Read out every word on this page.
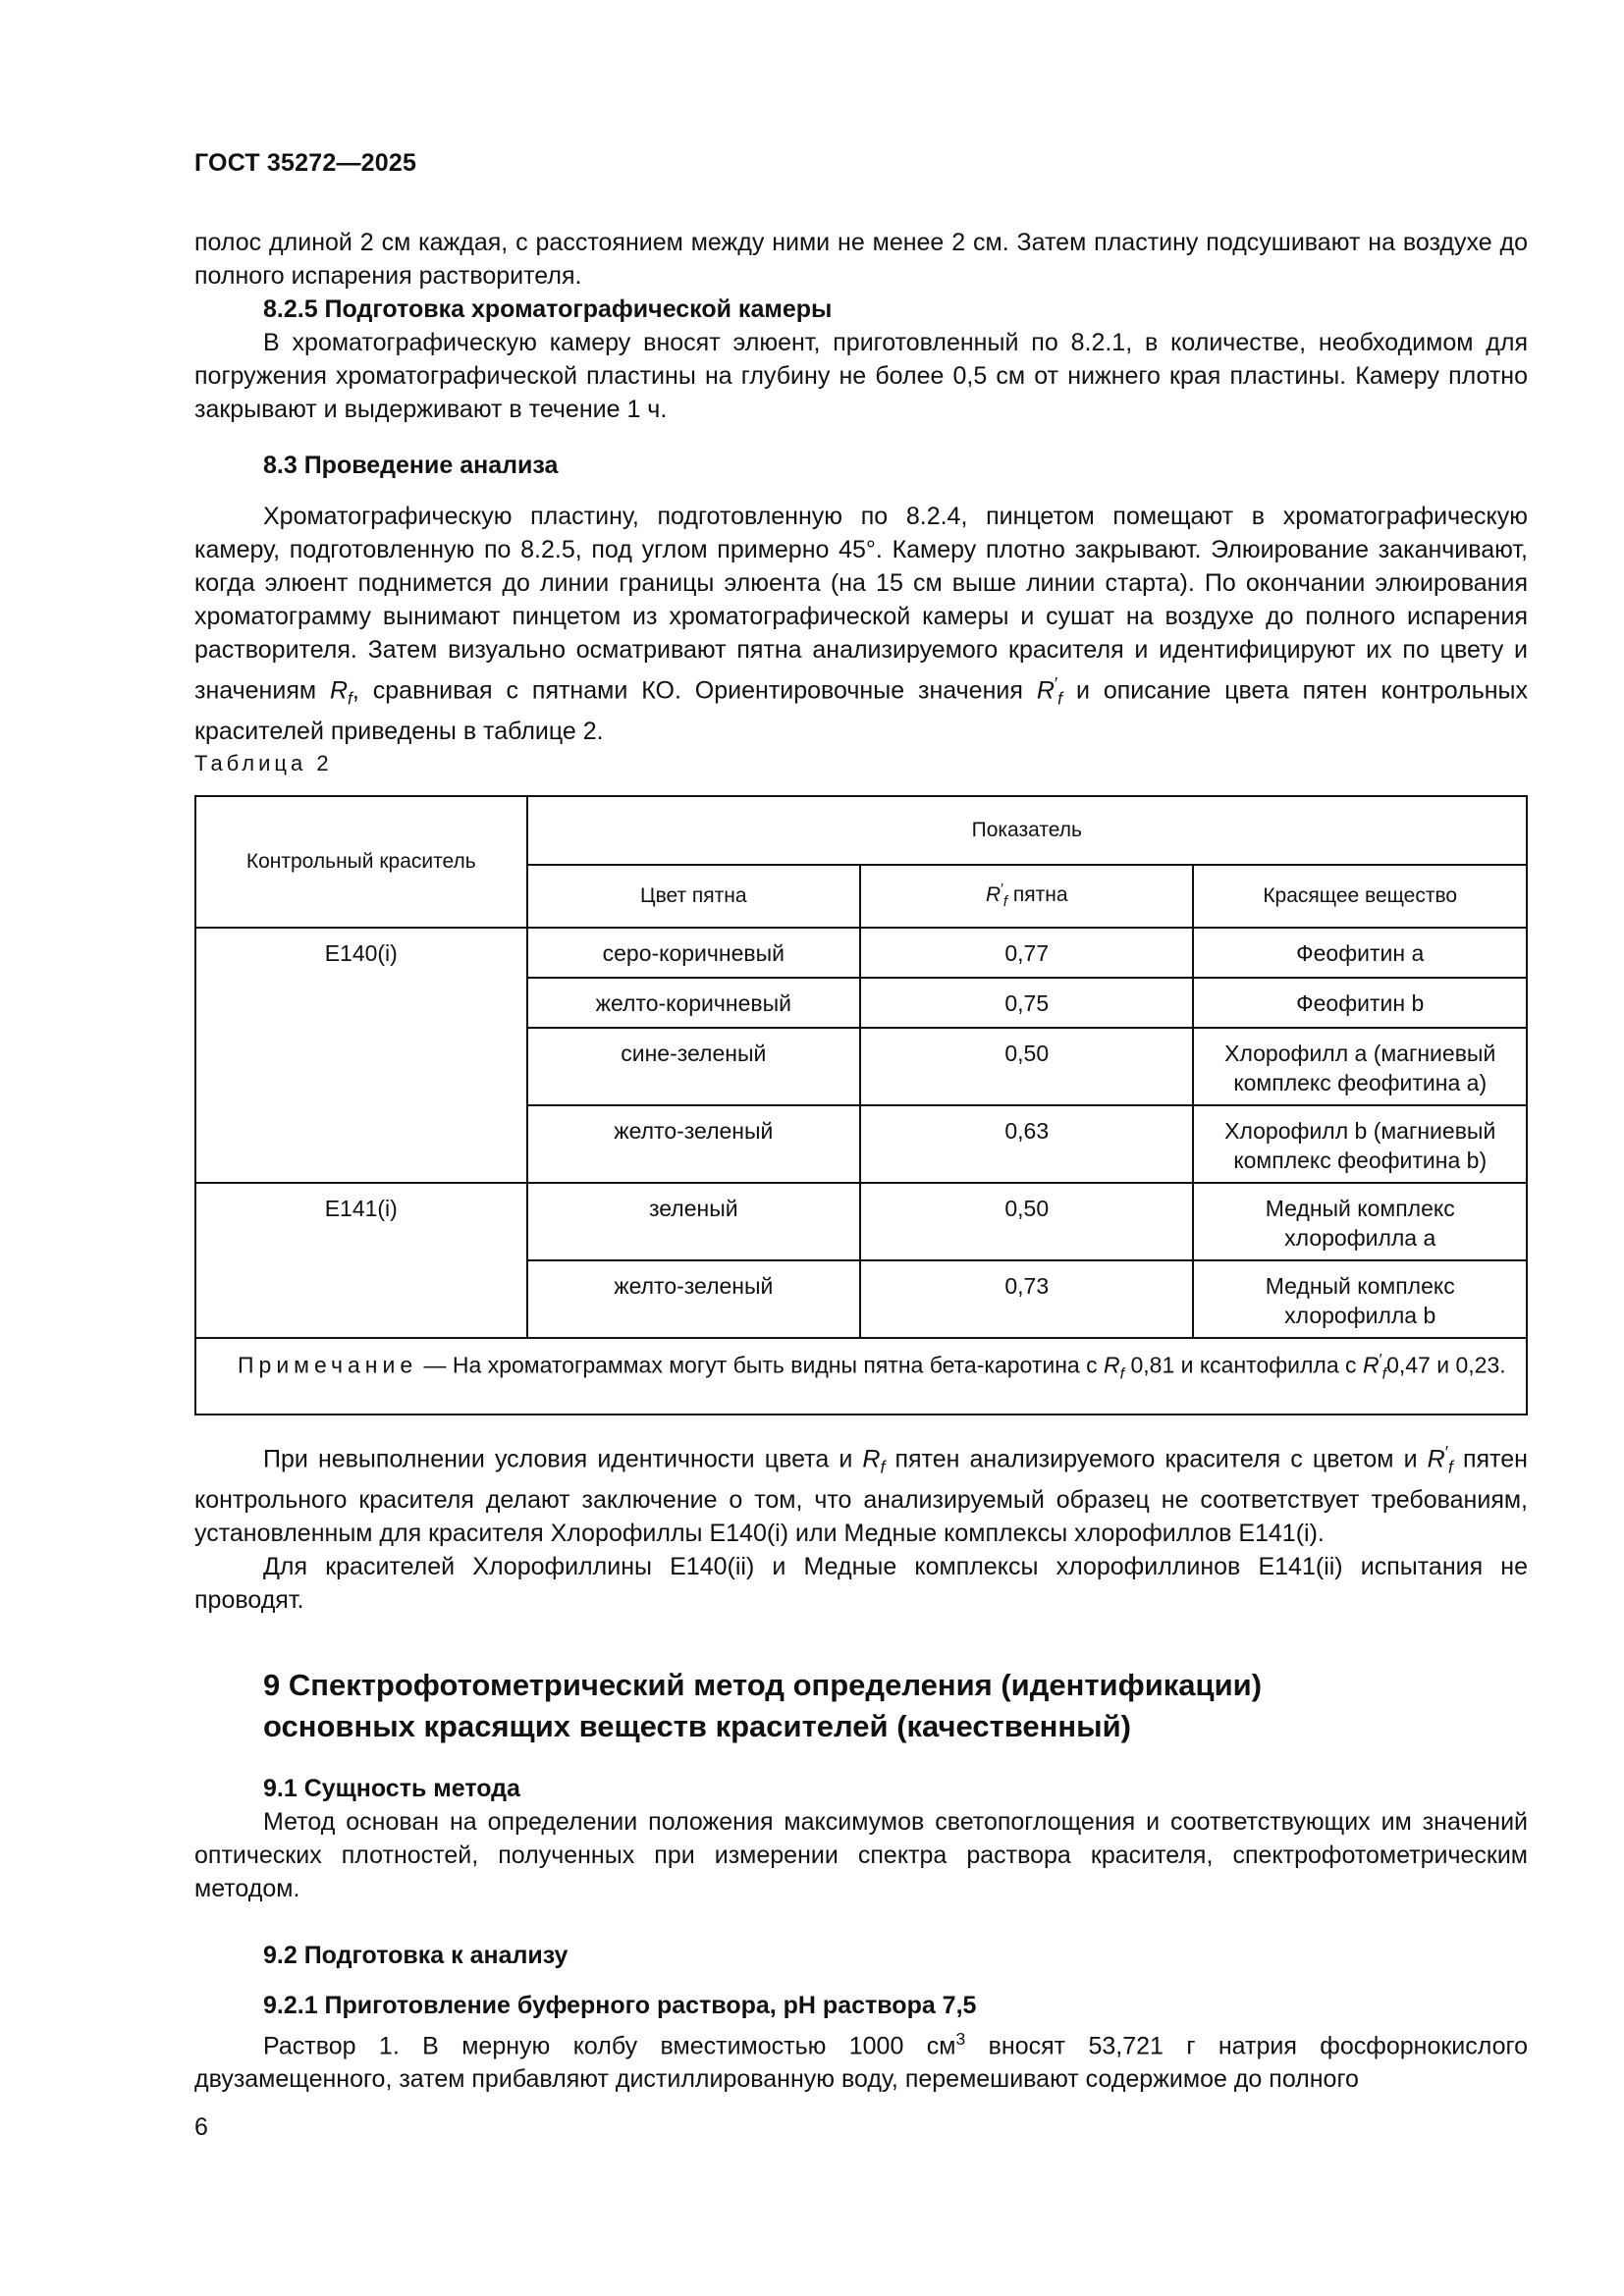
ГОСТ 35272—2025

полос длиной 2 см каждая, с расстоянием между ними не менее 2 см. Затем пластину подсушивают на воздухе до полного испарения растворителя.

8.2.5 Подготовка хроматографической камеры

В хроматографическую камеру вносят элюент, приготовленный по 8.2.1, в количестве, необходимом для погружения хроматографической пластины на глубину не более 0,5 см от нижнего края пластины. Камеру плотно закрывают и выдерживают в течение 1 ч.

8.3 Проведение анализа

Хроматографическую пластину, подготовленную по 8.2.4, пинцетом помещают в хроматографическую камеру, подготовленную по 8.2.5, под углом примерно 45°. Камеру плотно закрывают. Элюирование заканчивают, когда элюент поднимется до линии границы элюента (на 15 см выше линии старта). По окончании элюирования хроматограмму вынимают пинцетом из хроматографической камеры и сушат на воздухе до полного испарения растворителя. Затем визуально осматривают пятна анализируемого красителя и идентифицируют их по цвету и значениям $R_f$, сравнивая с пятнами КО. Ориентировочные значения $R'_f$ и описание цвета пятен контрольных красителей приведены в таблице 2.

Таблица 2
Контрольный краситель	Показатель		
	Цвет пятна	$R'_f$ пятна	Красящее вещество
E140(i)	серо-коричневый	0,77	Феофитин а
	желто-коричневый	0,75	Феофитин b
	сине-зеленый	0,50	Хлорофилл а (магниевый комплекс феофитина а)
	желто-зеленый	0,63	Хлорофилл b (магниевый комплекс феофитина b)
E141(i)	зеленый	0,50	Медный комплекс хлорофилла а
	желто-зеленый	0,73	Медный комплекс хлорофилла b
Примечание — На хроматограммах могут быть видны пятна бета-каротина с $R_f$ 0,81 и ксантофилла с $R'_f0,47$ и 0,23.			

При невыполнении условия идентичности цвета и $R_f$ пятен анализируемого красителя с цветом и $R'_f$ пятен контрольного красителя делают заключение о том, что анализируемый образец не соответствует требованиям, установленным для красителя Хлорофиллы Е140(i) или Медные комплексы хлорофиллов Е141(i).

Для красителей Хлорофиллины Е140(ii) и Медные комплексы хлорофиллинов Е141(ii) испытания не проводят.

9 Спектрофотометрический метод определения (идентификации)

основных красящих веществ красителей (качественный)

9.1 Сущность метода

Метод основан на определении положения максимумов светопоглощения и соответствующих им значений оптических плотностей, полученных при измерении спектра раствора красителя, спектрофотометрическим методом.

9.2 Подготовка к анализу

9.2.1 Приготовление буферного раствора, pH раствора 7,5

Раствор 1. В мерную колбу вместимостью 1000 $см^3$ вносят 53,721 г натрия фосфорнокислого двузамещенного, затем прибавляют дистиллированную воду, перемешивают содержимое до полного

6
